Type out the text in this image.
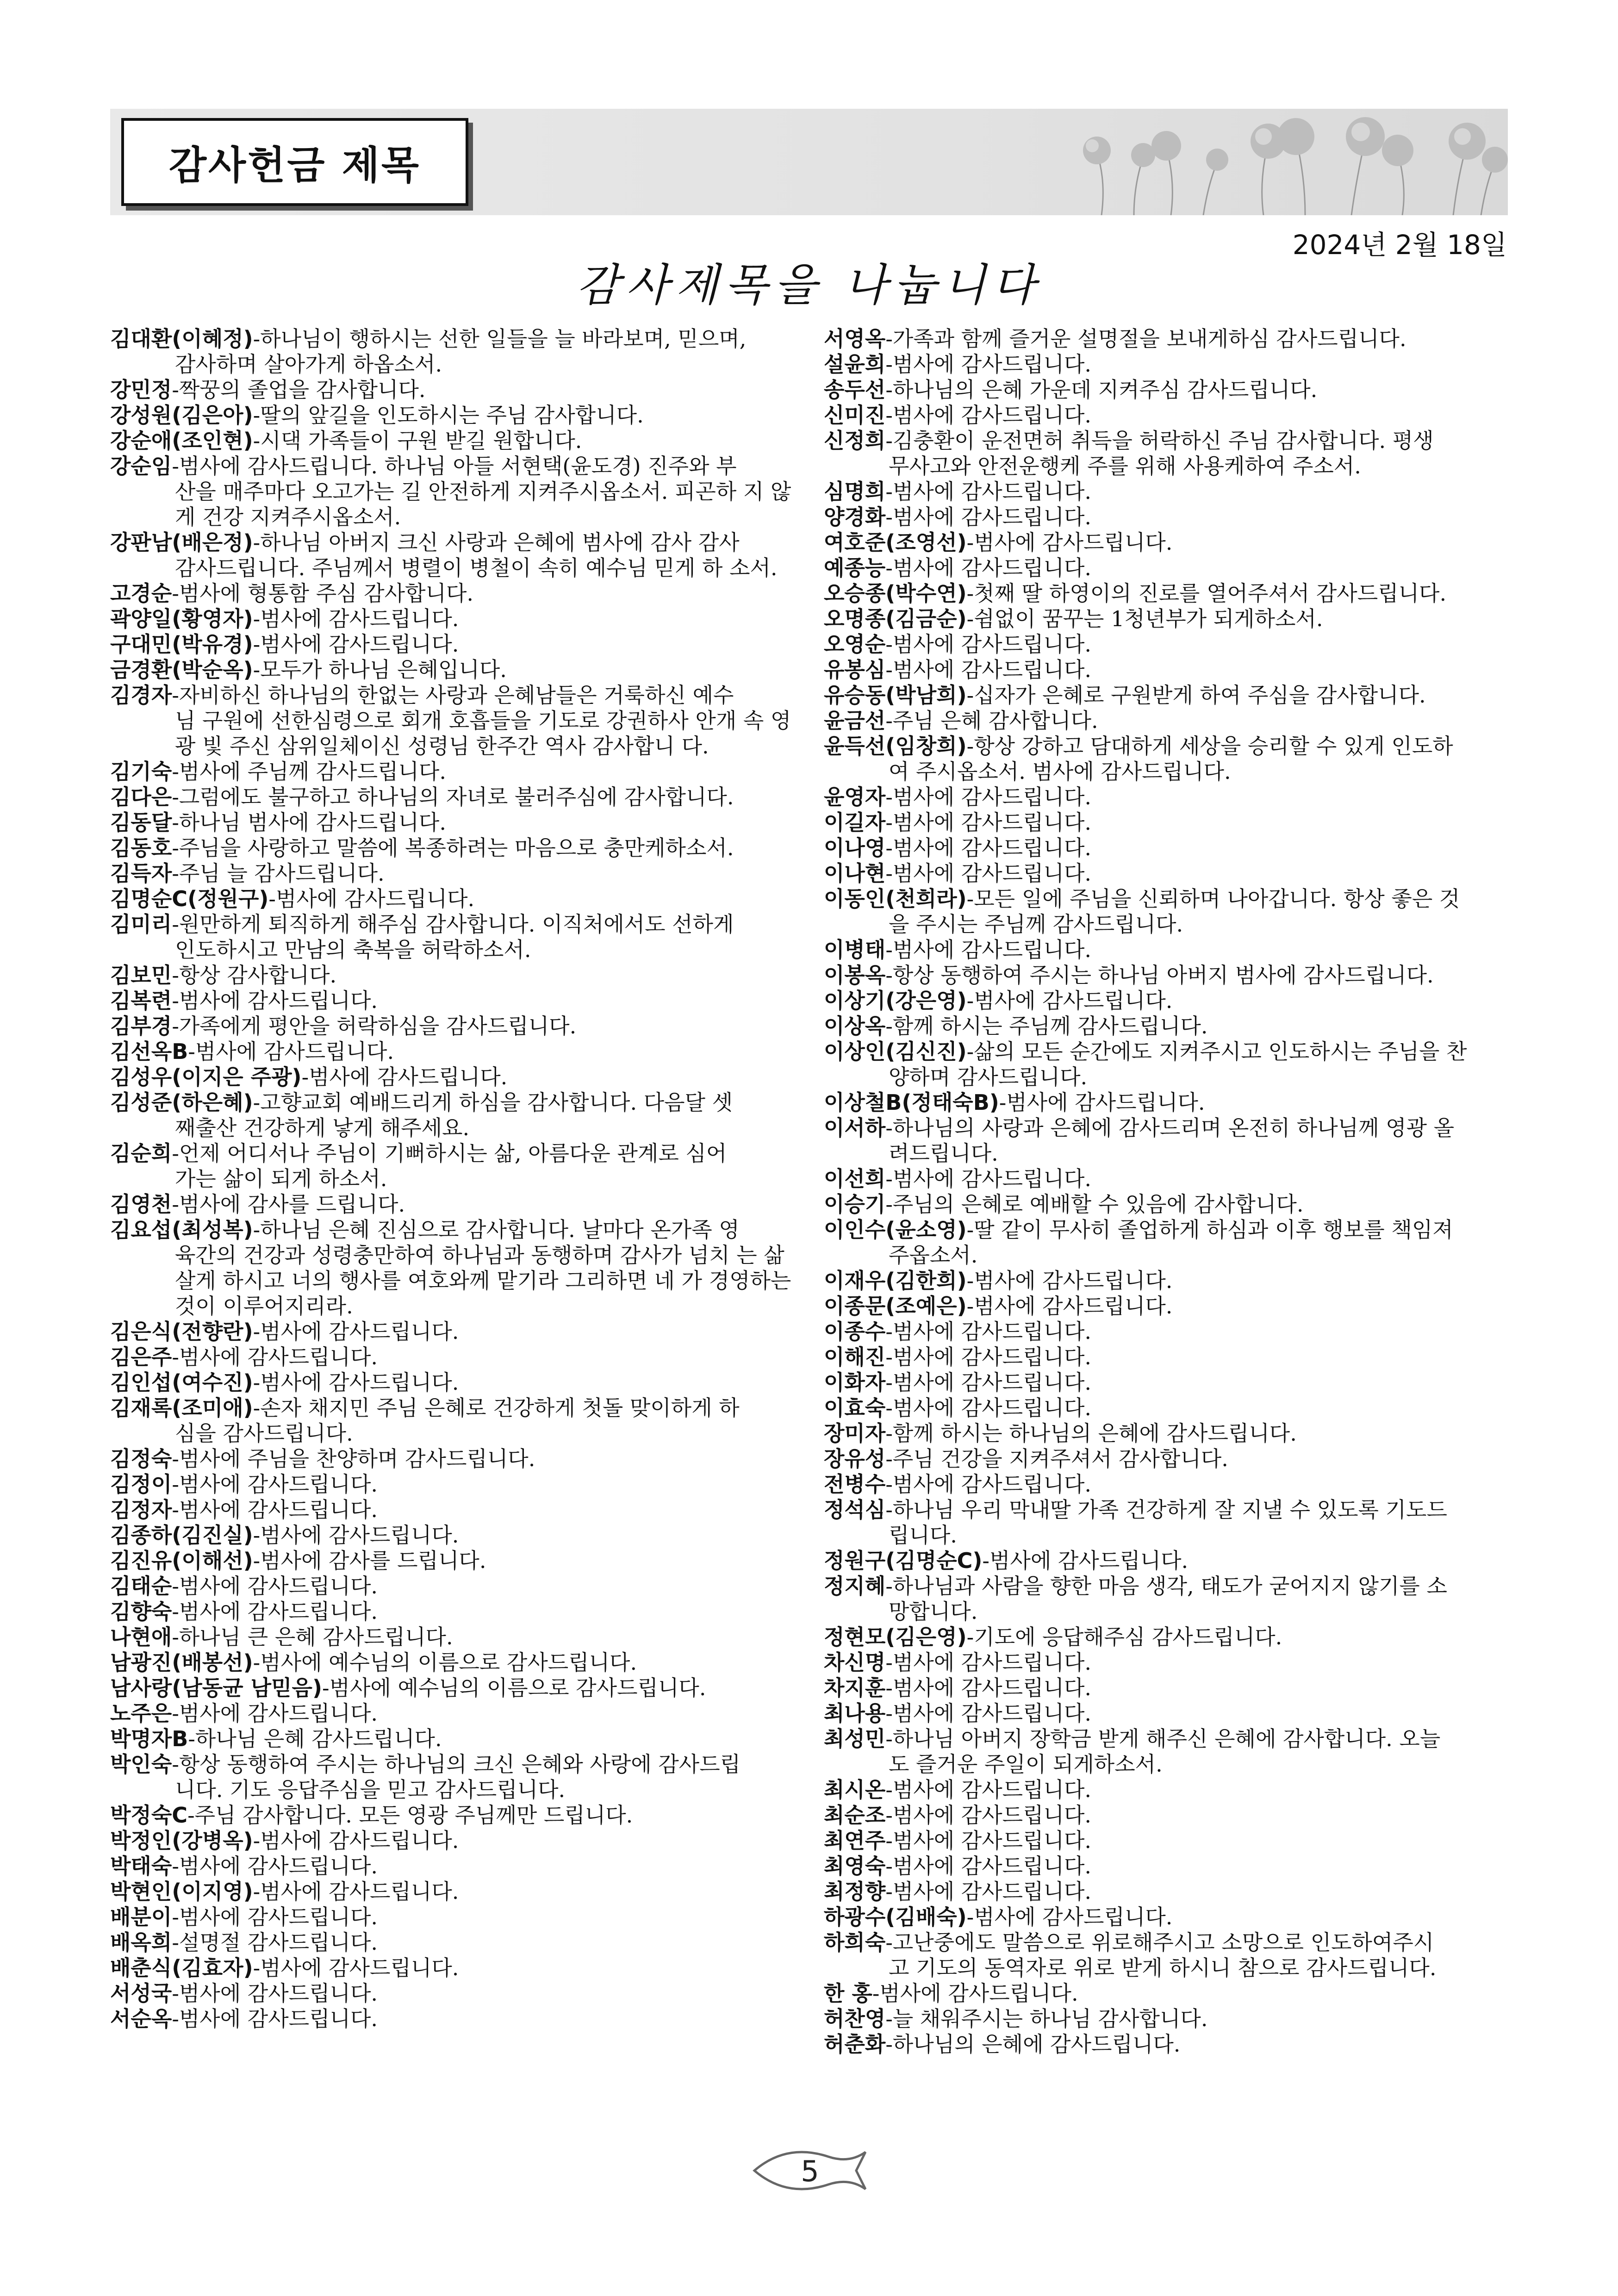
감사헌금 제목
2024년 2월 18일
감사제목을 나눕니다

김대환(이혜정)-하나님이 행하시는 선한 일들을 늘 바라보며, 믿으며,
감사하며 살아가게 하옵소서.

강민정-짝꿍의 졸업을 감사합니다.

강성원(김은아)-딸의 앞길을 인도하시는 주님 감사합니다.

강순애(조인현)-시댁 가족들이 구원 받길 원합니다.

강순임-범사에 감사드립니다. 하나님 아들 서현택(윤도경) 진주와 부
산을 매주마다 오고가는 길 안전하게 지켜주시옵소서. 피곤하 지 않게 건강 지켜주시옵소서.

강판남(배은정)-하나님 아버지 크신 사랑과 은혜에 범사에 감사 감사
감사드립니다. 주님께서 병렬이 병철이 속히 예수님 믿게 하 소서.

고경순-범사에 형통함 주심 감사합니다.

곽양일(황영자)-범사에 감사드립니다.

구대민(박유경)-범사에 감사드립니다.

금경환(박순옥)-모두가 하나님 은혜입니다.

김경자-자비하신 하나님의 한없는 사랑과 은혜남들은 거룩하신 예수
님 구원에 선한심령으로 회개 호흡들을 기도로 강권하사 안개 속 영광 빛 주신 삼위일체이신 성령님 한주간 역사 감사합니 다.

김기숙-범사에 주님께 감사드립니다.

김다은-그럼에도 불구하고 하나님의 자녀로 불러주심에 감사합니다.

김동달-하나님 범사에 감사드립니다.

김동호-주님을 사랑하고 말씀에 복종하려는 마음으로 충만케하소서.

김득자-주님 늘 감사드립니다.

김명순C(정원구)-범사에 감사드립니다.

김미리-원만하게 퇴직하게 해주심 감사합니다. 이직처에서도 선하게
인도하시고 만남의 축복을 허락하소서.

김보민-항상 감사합니다.

김복련-범사에 감사드립니다.

김부경-가족에게 평안을 허락하심을 감사드립니다.

김선옥B-범사에 감사드립니다.

김성우(이지은 주광)-범사에 감사드립니다.

김성준(하은혜)-고향교회 예배드리게 하심을 감사합니다. 다음달 셋
째출산 건강하게 낳게 해주세요.

김순희-언제 어디서나 주님이 기뻐하시는 삶, 아름다운 관계로 심어
가는 삶이 되게 하소서.

김영천-범사에 감사를 드립니다.

김요섭(최성복)-하나님 은혜 진심으로 감사합니다. 날마다 온가족 영
육간의 건강과 성령충만하여 하나님과 동행하며 감사가 넘치 는 삶 살게 하시고 너의 행사를 여호와께 맡기라 그리하면 네 가 경영하는 것이 이루어지리라.

김은식(전향란)-범사에 감사드립니다.

김은주-범사에 감사드립니다.

김인섭(여수진)-범사에 감사드립니다.

김재록(조미애)-손자 채지민 주님 은혜로 건강하게 첫돌 맞이하게 하
심을 감사드립니다.

김정숙-범사에 주님을 찬양하며 감사드립니다.

김정이-범사에 감사드립니다.

김정자-범사에 감사드립니다.

김종하(김진실)-범사에 감사드립니다.

김진유(이해선)-범사에 감사를 드립니다.

김태순-범사에 감사드립니다.

김향숙-범사에 감사드립니다.

나현애-하나님 큰 은혜 감사드립니다.

남광진(배봉선)-범사에 예수님의 이름으로 감사드립니다.

남사랑(남동균 남믿음)-범사에 예수님의 이름으로 감사드립니다.

노주은-범사에 감사드립니다.

박명자B-하나님 은혜 감사드립니다.

박인숙-항상 동행하여 주시는 하나님의 크신 은혜와 사랑에 감사드립
니다. 기도 응답주심을 믿고 감사드립니다.

박정숙C-주님 감사합니다. 모든 영광 주님께만 드립니다.

박정인(강병옥)-범사에 감사드립니다.

박태숙-범사에 감사드립니다.

박현인(이지영)-범사에 감사드립니다.

배분이-범사에 감사드립니다.

배옥희-설명절 감사드립니다.

배춘식(김효자)-범사에 감사드립니다.

서성국-범사에 감사드립니다.

서순옥-범사에 감사드립니다.

서영옥-가족과 함께 즐거운 설명절을 보내게하심 감사드립니다.

설윤희-범사에 감사드립니다.

송두선-하나님의 은혜 가운데 지켜주심 감사드립니다.

신미진-범사에 감사드립니다.

신정희-김충환이 운전면허 취득을 허락하신 주님 감사합니다. 평생
무사고와 안전운행케 주를 위해 사용케하여 주소서.

심명희-범사에 감사드립니다.

양경화-범사에 감사드립니다.

여호준(조영선)-범사에 감사드립니다.

예종능-범사에 감사드립니다.

오승종(박수연)-첫째 딸 하영이의 진로를 열어주셔서 감사드립니다.

오명종(김금순)-쉼없이 꿈꾸는 1청년부가 되게하소서.

오영순-범사에 감사드립니다.

유봉심-범사에 감사드립니다.

유승동(박남희)-십자가 은혜로 구원받게 하여 주심을 감사합니다.

윤금선-주님 은혜 감사합니다.

윤득선(임창희)-항상 강하고 담대하게 세상을 승리할 수 있게 인도하
여 주시옵소서. 범사에 감사드립니다.

윤영자-범사에 감사드립니다.

이길자-범사에 감사드립니다.

이나영-범사에 감사드립니다.

이나현-범사에 감사드립니다.

이동인(천희라)-모든 일에 주님을 신뢰하며 나아갑니다. 항상 좋은 것
을 주시는 주님께 감사드립니다.

이병태-범사에 감사드립니다.

이봉옥-항상 동행하여 주시는 하나님 아버지 범사에 감사드립니다.

이상기(강은영)-범사에 감사드립니다.

이상옥-함께 하시는 주님께 감사드립니다.

이상인(김신진)-삶의 모든 순간에도 지켜주시고 인도하시는 주님을 찬
양하며 감사드립니다.

이상철B(정태숙B)-범사에 감사드립니다.

이서하-하나님의 사랑과 은혜에 감사드리며 온전히 하나님께 영광 올
려드립니다.

이선희-범사에 감사드립니다.

이승기-주님의 은혜로 예배할 수 있음에 감사합니다.

이인수(윤소영)-딸 같이 무사히 졸업하게 하심과 이후 행보를 책임져
주옵소서.

이재우(김한희)-범사에 감사드립니다.

이종문(조예은)-범사에 감사드립니다.

이종수-범사에 감사드립니다.

이해진-범사에 감사드립니다.

이화자-범사에 감사드립니다.

이효숙-범사에 감사드립니다.

장미자-함께 하시는 하나님의 은혜에 감사드립니다.

장유성-주님 건강을 지켜주셔서 감사합니다.

전병수-범사에 감사드립니다.

정석심-하나님 우리 막내딸 가족 건강하게 잘 지낼 수 있도록 기도드
립니다.

정원구(김명순C)-범사에 감사드립니다.

정지혜-하나님과 사람을 향한 마음 생각, 태도가 굳어지지 않기를 소
망합니다.

정현모(김은영)-기도에 응답해주심 감사드립니다.

차신명-범사에 감사드립니다.

차지훈-범사에 감사드립니다.

최나용-범사에 감사드립니다.

최성민-하나님 아버지 장학금 받게 해주신 은혜에 감사합니다. 오늘
도 즐거운 주일이 되게하소서.

최시온-범사에 감사드립니다.

최순조-범사에 감사드립니다.

최연주-범사에 감사드립니다.

최영숙-범사에 감사드립니다.

최정향-범사에 감사드립니다.

하광수(김배숙)-범사에 감사드립니다.

하희숙-고난중에도 말씀으로 위로해주시고 소망으로 인도하여주시
고 기도의 동역자로 위로 받게 하시니 참으로 감사드립니다.

한 홍-범사에 감사드립니다.

허찬영-늘 채워주시는 하나님 감사합니다.

허춘화-하나님의 은혜에 감사드립니다.

5
